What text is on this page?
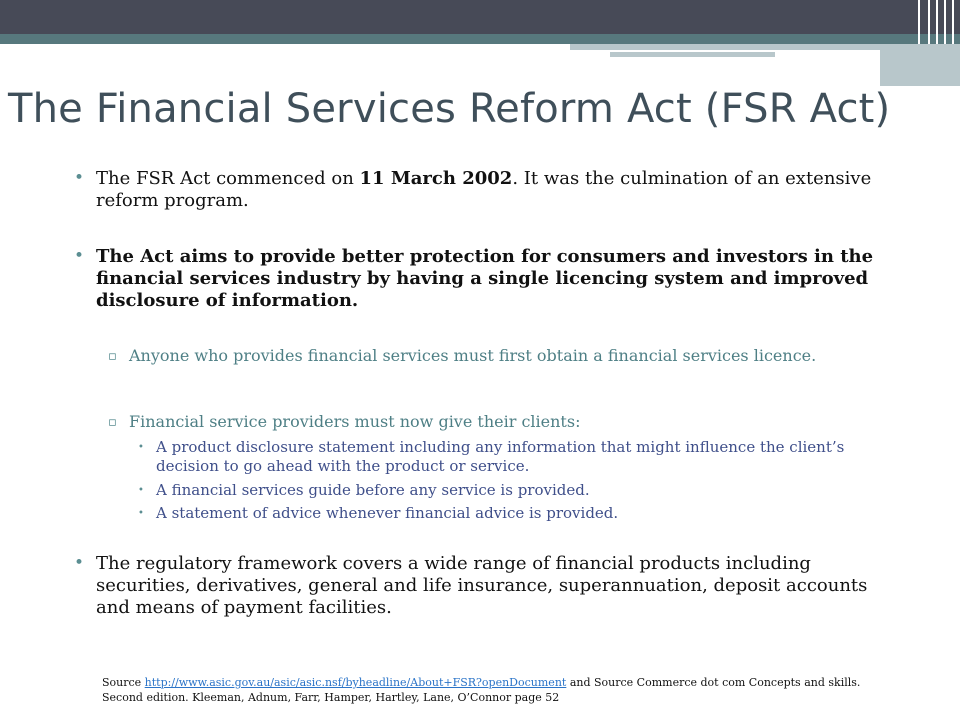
The Financial Services Reform Act (FSR Act)
• The FSR Act commenced on 11 March 2002. It was the culmination of an extensive reform program.
• The Act aims to provide better protection for consumers and investors in the financial services industry by having a single licencing system and improved disclosure of information.
▫ Anyone who provides financial services must first obtain a financial services licence.
▫ Financial service providers must now give their clients:
• A product disclosure statement including any information that might influence the client’s decision to go ahead with the product or service.
• A financial services guide before any service is provided.
• A statement of advice whenever financial advice is provided.
• The regulatory framework covers a wide range of financial products including securities, derivatives, general and life insurance, superannuation, deposit accounts and means of payment facilities.
Source http://www.asic.gov.au/asic/asic.nsf/byheadline/About+FSR?openDocument and Source Commerce dot com Concepts and skills. Second edition. Kleeman, Adnum, Farr, Hamper, Hartley, Lane, O’Connor page 52
